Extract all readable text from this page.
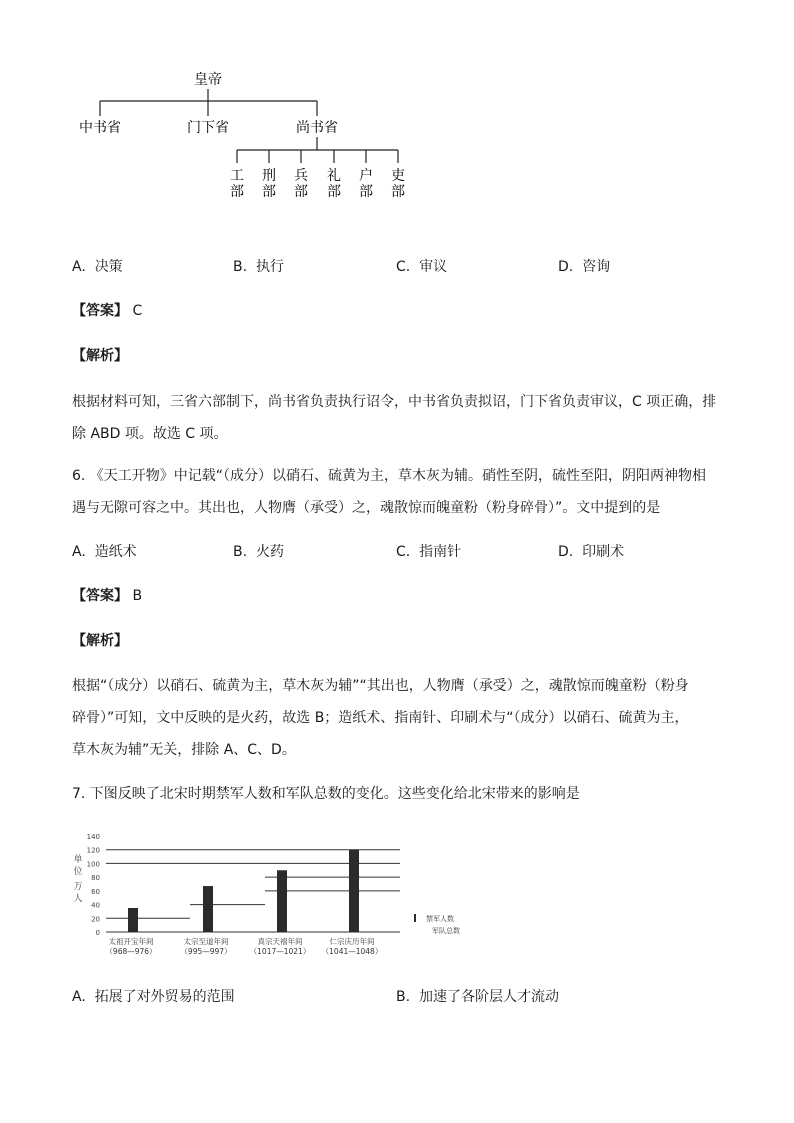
皇帝
中书省	门下省	尚书省
工
部
刑
部
兵
部
礼
部
户
部
吏
部
A. 决策	B. 执行	C. 审议	D. 咨询
【答案】 C
【解析】
根据材料可知，三省六部制下，尚书省负责执行诏令，中书省负责拟诏，门下省负责审议，C 项正确，排
除 ABD 项。故选 C 项。
6. 《天工开物》中记载“（成分）以硝石、硫黄为主，草木灰为辅。硝性至阴，硫性至阳，阴阳两神物相
遇与无隙可容之中。其出也，人物膺（承受）之，魂散惊而魄童粉（粉身碎骨）”。文中提到的是
A. 造纸术	B. 火药	C. 指南针	D. 印刷术
【答案】 B
【解析】
根据“（成分）以硝石、硫黄为主，草木灰为辅”“其出也，人物膺（承受）之，魂散惊而魄童粉（粉身
碎骨）”可知，文中反映的是火药，故选 B；造纸术、指南针、印刷术与“（成分）以硝石、硫黄为主，
草木灰为辅”无关，排除 A、C、D。
7. 下图反映了北宋时期禁军人数和军队总数的变化。这些变化给北宋带来的影响是
0
20
40
60
80
100
120
140
单
位
万
人
太祖开宝年间
（968—976）
太宗至道年间
（995—997）
真宗天禧年间
（1017—1021）
仁宗庆历年间
（1041—1048）
禁军人数
军队总数
A. 拓展了对外贸易的范围	B. 加速了各阶层人才流动
